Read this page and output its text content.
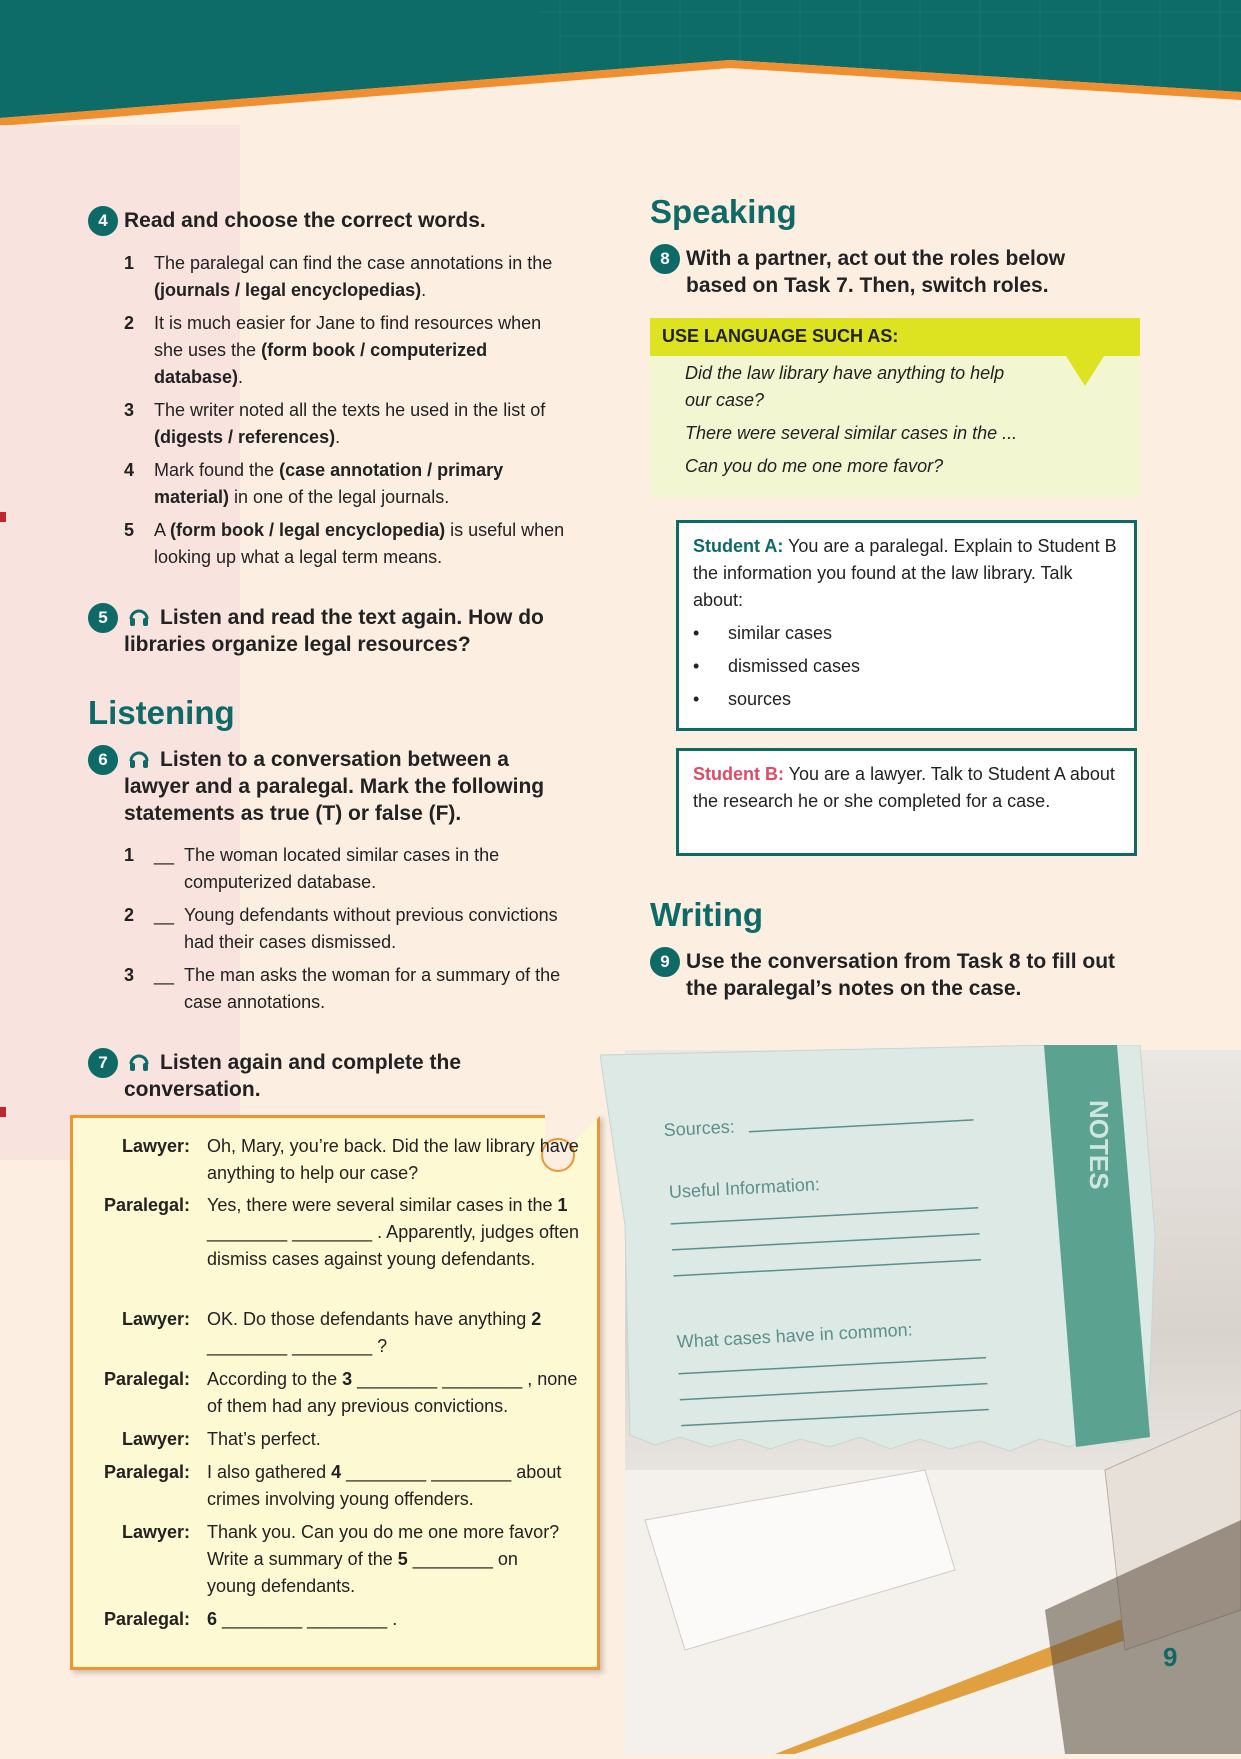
4 Read and choose the correct words.
1 The paralegal can find the case annotations in the (journals / legal encyclopedias).
2 It is much easier for Jane to find resources when she uses the (form book / computerized database).
3 The writer noted all the texts he used in the list of (digests / references).
4 Mark found the (case annotation / primary material) in one of the legal journals.
5 A (form book / legal encyclopedia) is useful when looking up what a legal term means.
5	Listen and read the text again. How do
libraries organize legal resources?
Listening
6	Listen to a conversation between a
lawyer and a paralegal. Mark the following
statements as true (T) or false (F).
1 __ The woman located similar cases in the computerized database.
2 __ Young defendants without previous convictions had their cases dismissed.
3 __ The man asks the woman for a summary of the case annotations.
7	Listen again and complete the
conversation.
Lawyer: Oh, Mary, you’re back. Did the law library have anything to help our case?
Paralegal: Yes, there were several similar cases in the 1 ________ ________ . Apparently, judges often dismiss cases against young defendants.
Lawyer: OK. Do those defendants have anything 2 ________ ________ ?
Paralegal: According to the 3 ________ ________ , none of them had any previous convictions.
Lawyer: That’s perfect.
Paralegal: I also gathered 4 ________ ________ about crimes involving young offenders.
Lawyer: Thank you. Can you do me one more favor? Write a summary of the 5 ________ on young defendants.
Paralegal: 6 ________ ________ .
Speaking
8 With a partner, act out the roles below
based on Task 7. Then, switch roles.
USE LANGUAGE SUCH AS:
Did the law library have anything to help
our case?
There were several similar cases in the ...
Can you do me one more favor?
Student A: You are a paralegal. Explain to Student B the information you found at the law library. Talk about:
• similar cases
• dismissed cases
• sources
Student B: You are a lawyer. Talk to Student A about the research he or she completed for a case.
Writing
9 Use the conversation from Task 8 to fill out
the paralegal’s notes on the case.
NOTES
Sources:
Useful Information:
What cases have in common:
9
